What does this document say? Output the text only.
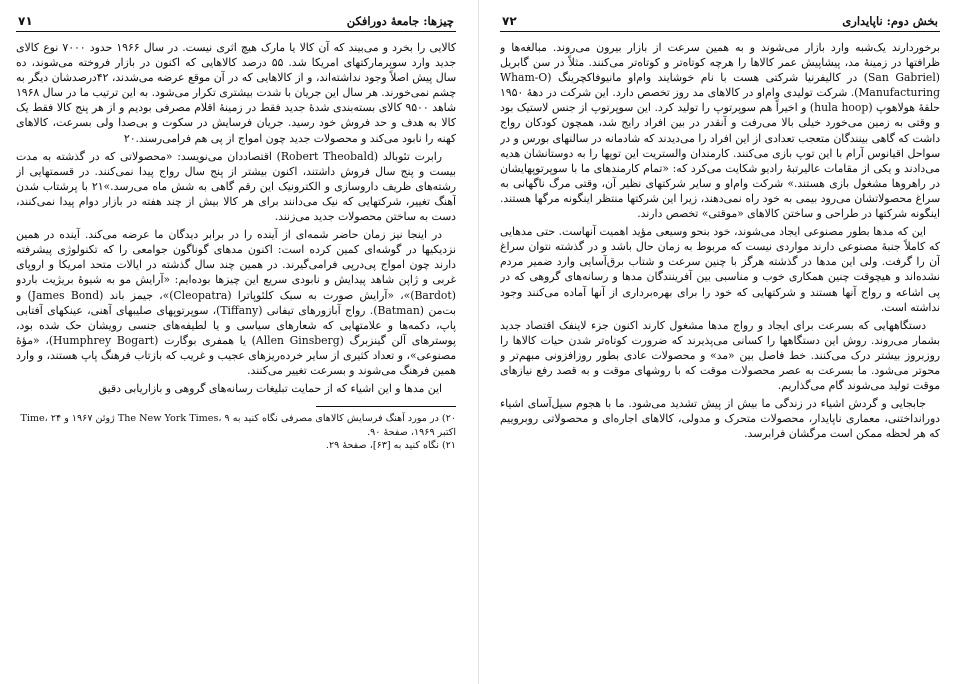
چیزها: جامعهٔ دورافکن
۷۱

کالایی را بخرد و می‌بیند که آن کالا یا مارک هیچ اثری نیست. در سال ۱۹۶۶ حدود ۷۰۰۰ نوع کالای جدید وارد سوپرمارکتهای امریکا شد. ۵۵ درصد کالاهایی که اکنون در بازار فروخته می‌شوند، ده سال پیش اصلاً وجود نداشته‌اند، و از کالاهایی که در آن موقع عرضه می‌شدند، ۴۲درصدشان دیگر به چشم نمی‌خورند. هر سال این جریان با شدت بیشتری تکرار می‌شود. به این ترتیب ما در سال ۱۹۶۸ شاهد ۹۵۰۰ کالای بسته‌بندی شدهٔ جدید فقط در زمینهٔ اقلام مصرفی بودیم و از هر پنج کالا فقط یک کالا به هدف و حد فروش خود رسید. جریان فرسایش در سکوت و بی‌صدا ولی بسرعت، کالاهای کهنه را نابود می‌کند و محصولات جدید چون امواج از پی هم فرامی‌رسند.۲۰

رابرت تئوبالد (Robert Theobald) اقتصاددان می‌نویسد: «محصولاتی که در گذشته به مدت بیست و پنج سال فروش داشتند، اکنون بیشتر از پنج سال رواج پیدا نمی‌کنند. در قسمتهایی از رشته‌های ظریف داروسازی و الکترونیک این رقم گاهی به شش ماه می‌رسد.»۲۱ با پرشتاب شدن آهنگ تغییر، شرکتهایی که نیک می‌دانند برای هر کالا بیش از چند هفته در بازار دوام پیدا نمی‌کنند، دست به ساختن محصولات جدید می‌زنند.

در اینجا نیز زمان حاضر شمه‌ای از آینده را در برابر دیدگان ما عرضه می‌کند. آینده در همین نزدیکیها در گوشه‌ای کمین کرده است: اکنون مدهای گوناگون جوامعی را که تکنولوژی پیشرفته دارند چون امواج پی‌درپی فرامی‌گیرند. در همین چند سال گذشته در ایالات متحد امریکا و اروپای غربی و ژاپن شاهد پیدایش و نابودی سریع این چیزها بوده‌ایم: «آرایش مو به شیوهٔ بریژیت باردو (Bardot)»، «آرایش صورت به سبک کلئوپاترا (Cleopatra)»، جیمز باند (James Bond) و بت‌من (Batman). رواج آبازورهای تیفانی (Tiffany)، سوپرتوپهای صلیبهای آهنی، عینکهای آفتابی پاپ، دکمه‌ها و علامتهایی که شعارهای سیاسی و یا لطیفه‌های جنسی رویشان حک شده بود، پوسترهای آلن گینزبرگ (Allen Ginsberg) یا همفری بوگارت (Humphrey Bogart)، «مؤهٔ مصنوعی»، و تعداد کثیری از سایر خرده‌ریزهای عجیب و غریب که بازتاب فرهنگ پاپ هستند، و وارد همین فرهنگ می‌شوند و بسرعت تغییر می‌کنند.

این مدها و این اشیاء که از حمایت تبلیغات رسانه‌های گروهی و بازاریابی دقیق

۲۰) در مورد آهنگ فرسایش کالاهای مصرفی نگاه کنید به The New York Times، ۹ ژوئن ۱۹۶۷ و Time، ۲۴ اکتبر ۱۹۶۹، صفحهٔ ۹۰.

۲۱) نگاه کنید به [۶۳]، صفحهٔ ۲۹.

بخش دوم: ناپایداری
۷۲

برخوردارند یک‌شبه وارد بازار می‌شوند و به همین سرعت از بازار بیرون می‌روند. مبالغه‌ها و ظرافتها در زمینهٔ مد، پیشاپیش عمر کالاها را هرچه کوتاه‌تر و کوتاه‌تر می‌کنند. مثلاً در سن گابریل (San Gabriel) در کالیفرنیا شرکتی هست با نام خوشایند وام‌او مانیوفاکچرینگ (Wham-O Manufacturing). شرکت تولیدی وام‌او در کالاهای مد روز تخصص دارد. این شرکت در دههٔ ۱۹۵۰ حلقهٔ هولاهوپ (hula hoop) و اخیراً هم سوپرتوپ را تولید کرد. این سوپرتوپ از جنس لاستیک بود و وقتی به زمین می‌خورد خیلی بالا می‌رفت و آنقدر در بین افراد رایج شد، همچون کودکان رواج داشت که گاهی بینندگان متعجب تعدادی از این افراد را می‌دیدند که شادمانه در سالنهای بورس و در سواحل اقیانوس آرام با این توپ بازی می‌کنند. کارمندان والستریت این توپها را به دوستانشان هدیه می‌دادند و یکی از مقامات عالیرتبهٔ رادیو شکایت می‌کرد که: «تمام کارمندهای ما با سوپرتوپهایشان در راهروها مشغول بازی هستند.» شرکت وام‌او و سایر شرکتهای نظیر آن، وقتی مرگ ناگهانی به سراغ محصولاتشان می‌رود بیمی به خود راه نمی‌دهند، زیرا این شرکتها منتظر اینگونه مرگها هستند. اینگونه شرکتها در طراحی و ساختن کالاهای «موقتی» تخصص دارند.

این که مدها بطور مصنوعی ایجاد می‌شوند، خود بنحو وسیعی مؤید اهمیت آنهاست. حتی مدهایی که کاملاً جنبهٔ مصنوعی دارند مواردی نیست که مربوط به زمان حال باشد و در گذشته نتوان سراغ آن را گرفت. ولی این مدها در گذشته هرگز با چنین سرعت و شتاب برق‌آسایی وارد ضمیر مردم نشده‌اند و هیچوقت چنین همکاری خوب و مناسبی بین آفرینندگان مدها و رسانه‌های گروهی که در پی اشاعه و رواج آنها هستند و شرکتهایی که خود را برای بهره‌برداری از آنها آماده می‌کنند وجود نداشته است.

دستگاههایی که بسرعت برای ایجاد و رواج مدها مشغول کارند اکنون جزء لاینفک اقتصاد جدید بشمار می‌روند. روش این دستگاهها را کسانی می‌پذیرند که ضرورت کوتاه‌تر شدن حیات کالاها را روزبروز بیشتر درک می‌کنند. خط فاصل بین «مد» و محصولات عادی بطور روزافزونی مبهم‌تر و محوتر می‌شود. ما بسرعت به عصر محصولات موقت که با روشهای موقت و به قصد رفع نیازهای موقت تولید می‌شوند گام می‌گذاریم.

جابجایی و گردش اشیاء در زندگی ما بیش از پیش تشدید می‌شود. ما با هجوم سیل‌آسای اشیاء دورانداختنی، معماری ناپایدار، محصولات متحرک و مدولی، کالاهای اجاره‌ای و محصولاتی روبروییم که هر لحظه ممکن است مرگشان فرابرسد.
